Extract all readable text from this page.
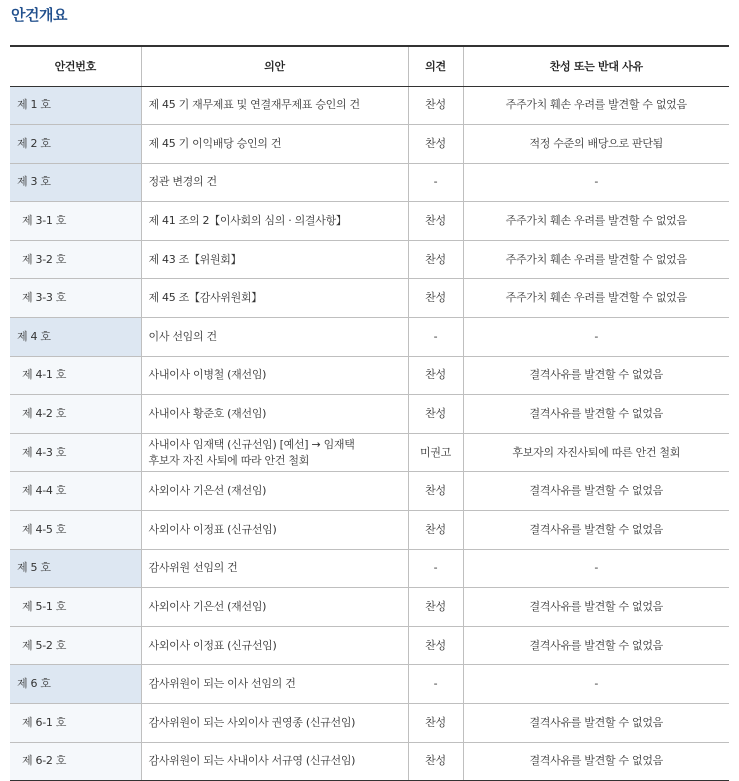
안건개요
안건번호	의안	의견	찬성 또는 반대 사유
제 1 호	제 45 기 재무제표 및 연결재무제표 승인의 건	찬성	주주가치 훼손 우려를 발견할 수 없었음
제 2 호	제 45 기 이익배당 승인의 건	찬성	적정 수준의 배당으로 판단됨
제 3 호	정관 변경의 건	-	-
제 3-1 호	제 41 조의 2【이사회의 심의 · 의결사항】	찬성	주주가치 훼손 우려를 발견할 수 없었음
제 3-2 호	제 43 조【위원회】	찬성	주주가치 훼손 우려를 발견할 수 없었음
제 3-3 호	제 45 조【감사위원회】	찬성	주주가치 훼손 우려를 발견할 수 없었음
제 4 호	이사 선임의 건	-	-
제 4-1 호	사내이사 이병철 (재선임)	찬성	결격사유를 발견할 수 없었음
제 4-2 호	사내이사 황준호 (재선임)	찬성	결격사유를 발견할 수 없었음
제 4-3 호	사내이사 임재택 (신규선임) [예선] → 임재택
후보자 자진 사퇴에 따라 안건 철회	미권고	후보자의 자진사퇴에 따른 안건 철회
제 4-4 호	사외이사 기은선 (재선임)	찬성	결격사유를 발견할 수 없었음
제 4-5 호	사외이사 이정표 (신규선임)	찬성	결격사유를 발견할 수 없었음
제 5 호	감사위원 선임의 건	-	-
제 5-1 호	사외이사 기은선 (재선임)	찬성	결격사유를 발견할 수 없었음
제 5-2 호	사외이사 이정표 (신규선임)	찬성	결격사유를 발견할 수 없었음
제 6 호	감사위원이 되는 이사 선임의 건	-	-
제 6-1 호	감사위원이 되는 사외이사 권영종 (신규선임)	찬성	결격사유를 발견할 수 없었음
제 6-2 호	감사위원이 되는 사내이사 서규영 (신규선임)	찬성	결격사유를 발견할 수 없었음
